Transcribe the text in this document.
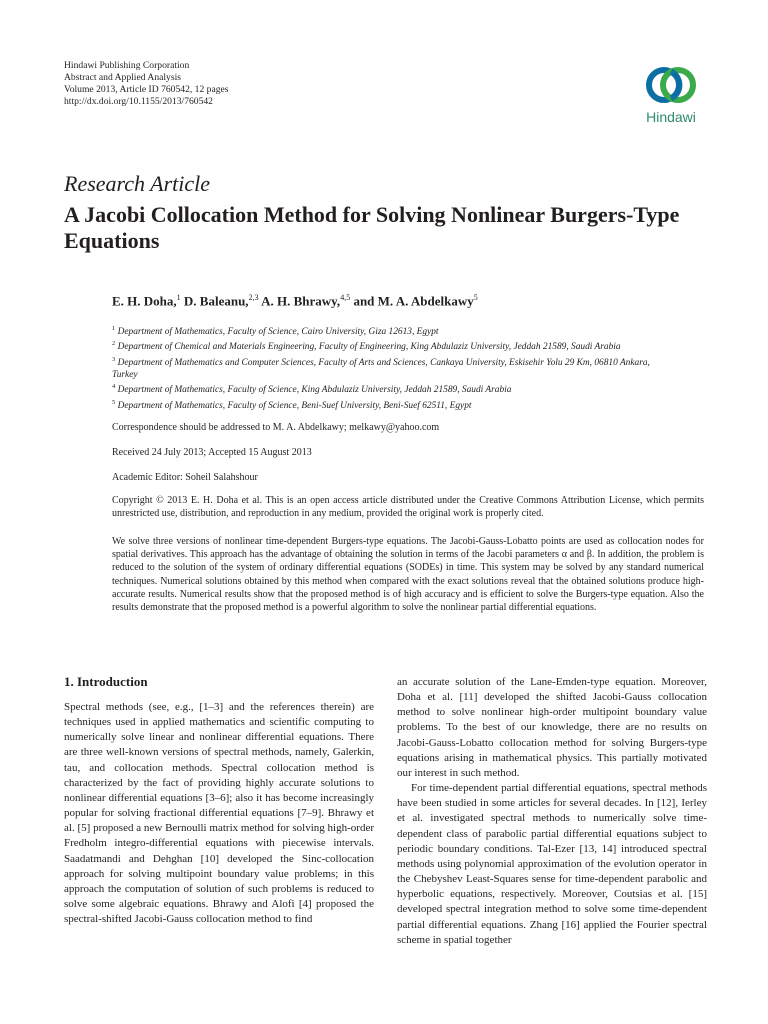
Hindawi Publishing Corporation
Abstract and Applied Analysis
Volume 2013, Article ID 760542, 12 pages
http://dx.doi.org/10.1155/2013/760542
Hindawi
Research Article
A Jacobi Collocation Method for Solving Nonlinear Burgers-Type Equations
E. H. Doha,$^1$ D. Baleanu,$^{2,3}$ A. H. Bhrawy,$^{4,5}$ and M. A. Abdelkawy$^5$
$^1$ Department of Mathematics, Faculty of Science, Cairo University, Giza 12613, Egypt
$^2$ Department of Chemical and Materials Engineering, Faculty of Engineering, King Abdulaziz University, Jeddah 21589, Saudi Arabia
$^3$ Department of Mathematics and Computer Sciences, Faculty of Arts and Sciences, Cankaya University, Eskisehir Yolu 29 Km, 06810 Ankara, Turkey
$^4$ Department of Mathematics, Faculty of Science, King Abdulaziz University, Jeddah 21589, Saudi Arabia
$^5$ Department of Mathematics, Faculty of Science, Beni-Suef University, Beni-Suef 62511, Egypt
Correspondence should be addressed to M. A. Abdelkawy; melkawy@yahoo.com
Received 24 July 2013; Accepted 15 August 2013
Academic Editor: Soheil Salahshour
Copyright © 2013 E. H. Doha et al. This is an open access article distributed under the Creative Commons Attribution License, which permits unrestricted use, distribution, and reproduction in any medium, provided the original work is properly cited.
We solve three versions of nonlinear time-dependent Burgers-type equations. The Jacobi-Gauss-Lobatto points are used as collocation nodes for spatial derivatives. This approach has the advantage of obtaining the solution in terms of the Jacobi parameters α and β. In addition, the problem is reduced to the solution of the system of ordinary differential equations (SODEs) in time. This system may be solved by any standard numerical techniques. Numerical solutions obtained by this method when compared with the exact solutions reveal that the obtained solutions produce high-accurate results. Numerical results show that the proposed method is of high accuracy and is efficient to solve the Burgers-type equation. Also the results demonstrate that the proposed method is a powerful algorithm to solve the nonlinear partial differential equations.
1. Introduction

Spectral methods (see, e.g., [1–3] and the references therein) are techniques used in applied mathematics and scientific computing to numerically solve linear and nonlinear differential equations. There are three well-known versions of spectral methods, namely, Galerkin, tau, and collocation methods. Spectral collocation method is characterized by the fact of providing highly accurate solutions to nonlinear differential equations [3–6]; also it has become increasingly popular for solving fractional differential equations [7–9]. Bhrawy et al. [5] proposed a new Bernoulli matrix method for solving high-order Fredholm integro-differential equations with piecewise intervals. Saadatmandi and Dehghan [10] developed the Sinc-collocation approach for solving multipoint boundary value problems; in this approach the computation of solution of such problems is reduced to solve some algebraic equations. Bhrawy and Alofi [4] proposed the spectral-shifted Jacobi-Gauss collocation method to find

an accurate solution of the Lane-Emden-type equation. Moreover, Doha et al. [11] developed the shifted Jacobi-Gauss collocation method to solve nonlinear high-order multipoint boundary value problems. To the best of our knowledge, there are no results on Jacobi-Gauss-Lobatto collocation method for solving Burgers-type equations arising in mathematical physics. This partially motivated our interest in such method.

For time-dependent partial differential equations, spectral methods have been studied in some articles for several decades. In [12], Ierley et al. investigated spectral methods to numerically solve time-dependent class of parabolic partial differential equations subject to periodic boundary conditions. Tal-Ezer [13, 14] introduced spectral methods using polynomial approximation of the evolution operator in the Chebyshev Least-Squares sense for time-dependent parabolic and hyperbolic equations, respectively. Moreover, Coutsias et al. [15] developed spectral integration method to solve some time-dependent partial differential equations. Zhang [16] applied the Fourier spectral scheme in spatial together
